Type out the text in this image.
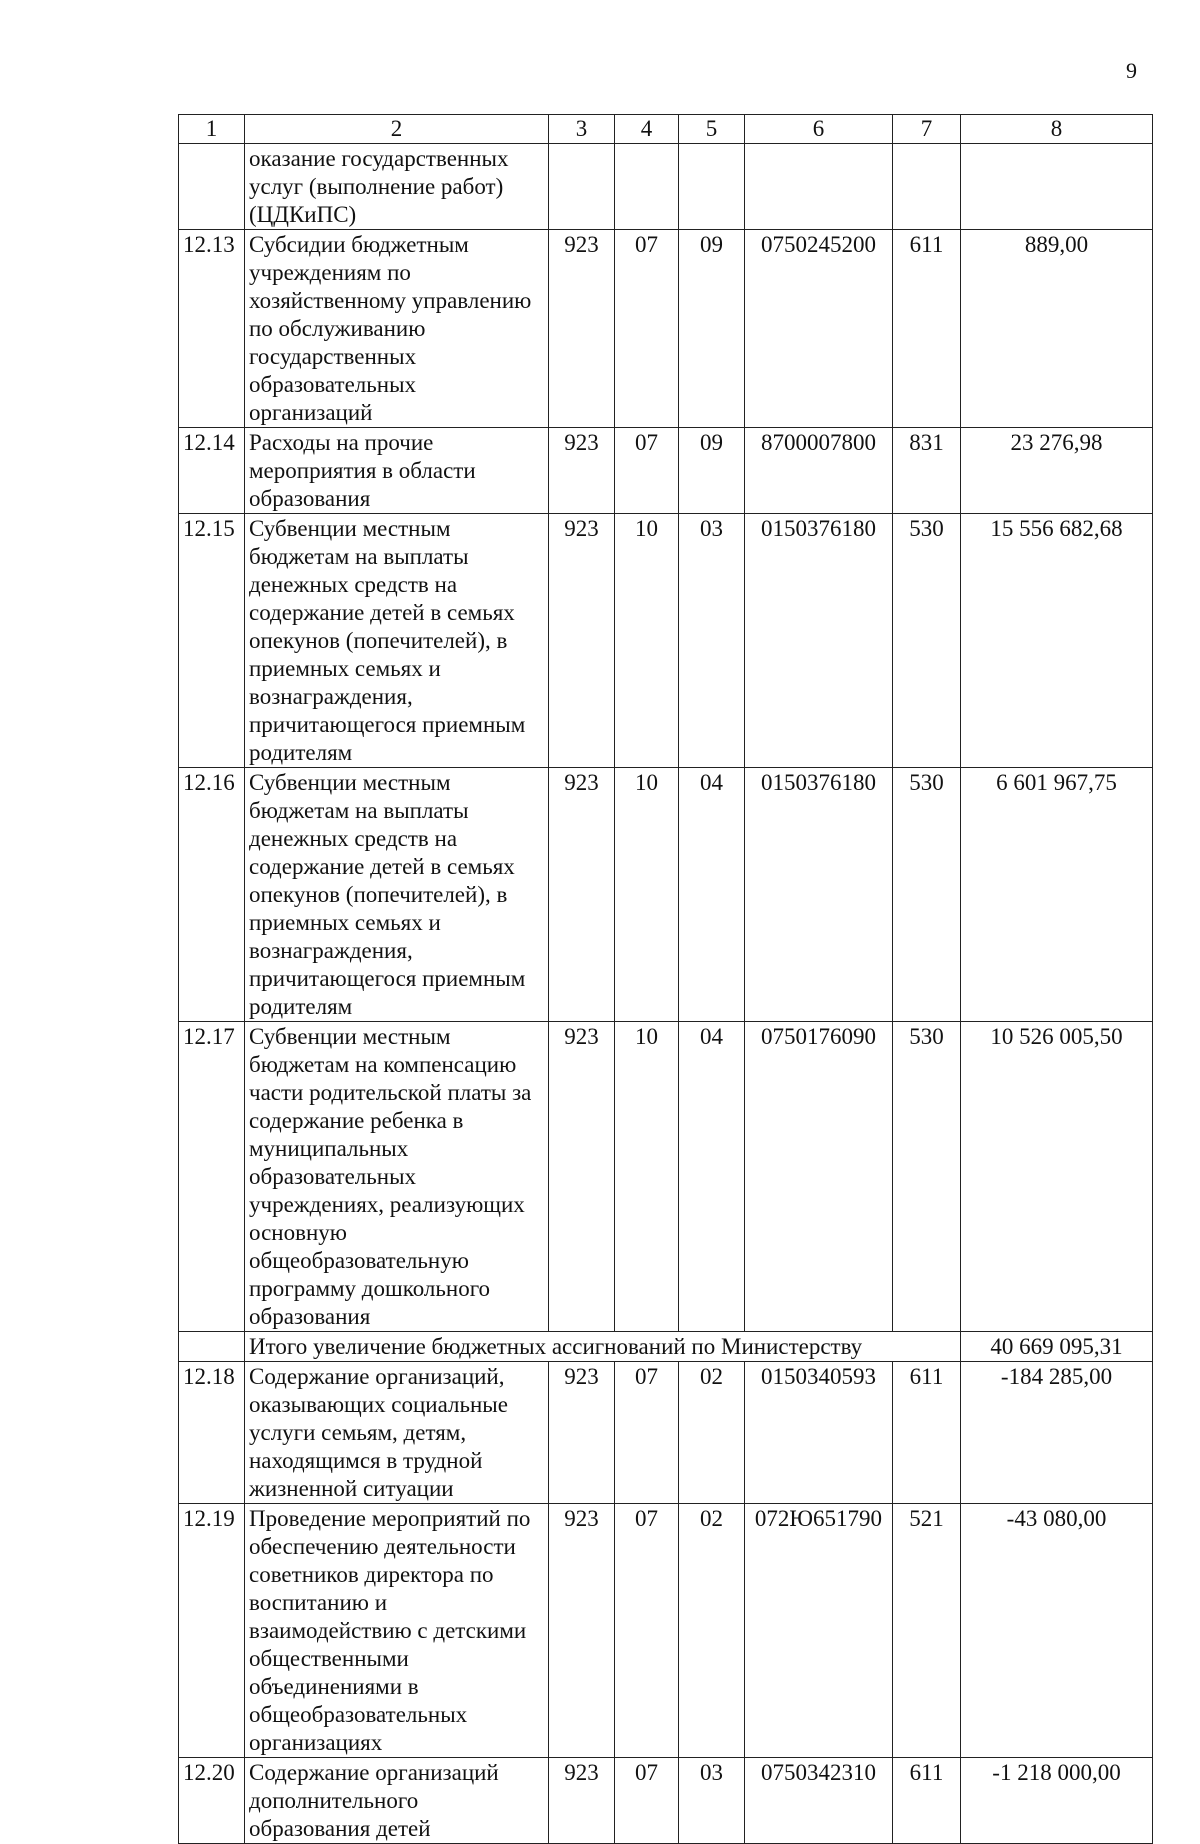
9
1	2	3	4	5	6	7	8
	оказание государственных услуг (выполнение работ) (ЦДКиПС)						
12.13	Субсидии бюджетным учреждениям по хозяйственному управлению по обслуживанию государственных образовательных организаций	923	07	09	0750245200	611	889,00
12.14	Расходы на прочие мероприятия в области образования	923	07	09	8700007800	831	23 276,98
12.15	Субвенции местным бюджетам на выплаты денежных средств на содержание детей в семьях опекунов (попечителей), в приемных семьях и вознаграждения, причитающегося приемным родителям	923	10	03	0150376180	530	15 556 682,68
12.16	Субвенции местным бюджетам на выплаты денежных средств на содержание детей в семьях опекунов (попечителей), в приемных семьях и вознаграждения, причитающегося приемным родителям	923	10	04	0150376180	530	6 601 967,75
12.17	Субвенции местным бюджетам на компенсацию части родительской платы за содержание ребенка в муниципальных образовательных учреждениях, реализующих основную общеобразовательную программу дошкольного образования	923	10	04	0750176090	530	10 526 005,50
	Итого увеличение бюджетных ассигнований по Министерству						40 669 095,31
12.18	Содержание организаций, оказывающих социальные услуги семьям, детям, находящимся в трудной жизненной ситуации	923	07	02	0150340593	611	-184 285,00
12.19	Проведение мероприятий по обеспечению деятельности советников директора по воспитанию и взаимодействию с детскими общественными объединениями в общеобразовательных организациях	923	07	02	072Ю651790	521	-43 080,00
12.20	Содержание организаций дополнительного образования детей	923	07	03	0750342310	611	-1 218 000,00
